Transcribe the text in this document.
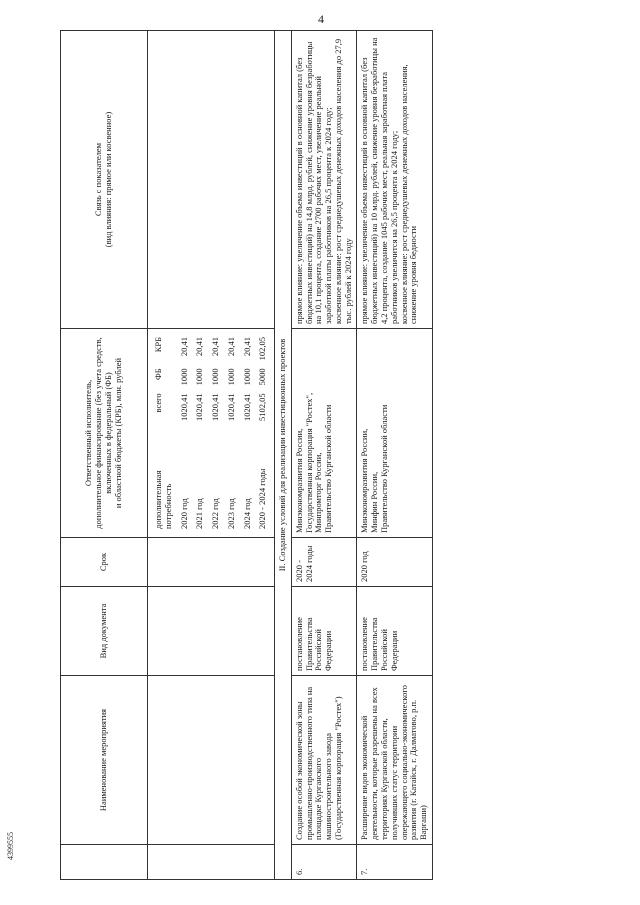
4
4399555
	Наименование мероприятия	Вид документа	Срок	Ответственный исполнитель,
дополнительное финансирование (без учета средств, включенных в федеральный (ФБ)
и областной бюджеты (КРБ), млн. рублей	Связь с показателем
(вид влияния: прямое или косвенное)

дополнительная потребность	всего	ФБ	КРБ
2020 год	1020,41	1000	20,41
2021 год	1020,41	1000	20,41
2022 год	1020,41	1000	20,41
2023 год	1020,41	1000	20,41
2024 год	1020,41	1000	20,41
2020 - 2024 годы	5102,05	5000	102,05
	II. Создание условий для реализации инвестиционных проектов
6.	Создание особой экономической зоны промышленно-производственного типа на площадке Курганского машиностроительного завода (Государственная корпорация "Ростех")	постановление Правительства Российской Федерации	2020 - 2024 годы	Минэкономразвития России,
Государственная корпорация "Ростех",
Минпромторг России,
Правительство Курганской области	прямое влияние: увеличение объема инвестиций в основной капитал (без бюджетных инвестиций) на 14,8 млрд. рублей, снижение уровня безработицы на 10,1 процента, создание 2700 рабочих мест, увеличение реальной заработной платы работников на 26,5 процента к 2024 году;
косвенное влияние: рост среднедушевых денежных доходов населения до 27,9 тыс. рублей к 2024 году
7.	Расширение видов экономической деятельности, которые разрешены на всех территориях Курганской области, получивших статус территории опережающего социально-экономического развития (г. Катайск, г. Далматово, р.п. Варгаши)	постановление Правительства Российской Федерации	2020 год	Минэкономразвития России,
Минфин России,
Правительство Курганской области	прямое влияние: увеличение объема инвестиций в основной капитал (без бюджетных инвестиций) на 10 млрд. рублей, снижение уровня безработицы на 4,2 процента, создание 1045 рабочих мест, реальная заработная плата работников увеличится на 26,5 процента к 2024 году;
косвенное влияние: рост среднедушевых денежных доходов населения, снижение уровня бедности
